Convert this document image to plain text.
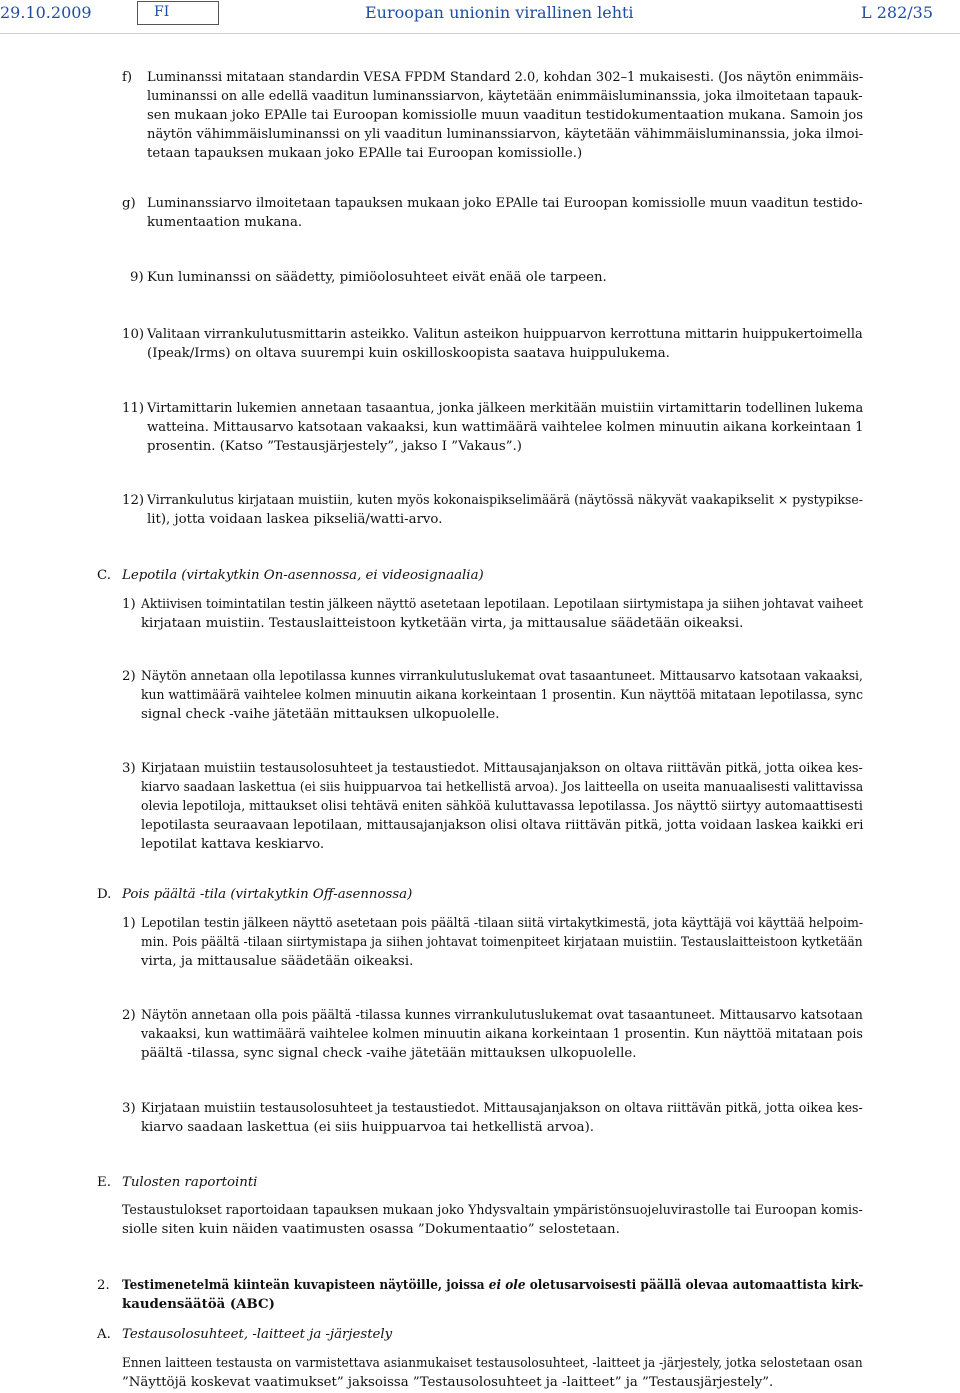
29.10.2009	FI	Euroopan unionin virallinen lehti	L 282/35
f) Luminanssi mitataan standardin VESA FPDM Standard 2.0, kohdan 302–1 mukaisesti. (Jos näytön enimmäis-
luminanssi on alle edellä vaaditun luminanssiarvon, käytetään enimmäisluminanssia, joka ilmoitetaan tapauk-
sen mukaan joko EPAlle tai Euroopan komissiolle muun vaaditun testidokumentaation mukana. Samoin jos
näytön vähimmäisluminanssi on yli vaaditun luminanssiarvon, käytetään vähimmäisluminanssia, joka ilmoi-
tetaan tapauksen mukaan joko EPAlle tai Euroopan komissiolle.)
g) Luminanssiarvo ilmoitetaan tapauksen mukaan joko EPAlle tai Euroopan komissiolle muun vaaditun testido-
kumentaation mukana.
9) Kun luminanssi on säädetty, pimiöolosuhteet eivät enää ole tarpeen.
10) Valitaan virrankulutusmittarin asteikko. Valitun asteikon huippuarvon kerrottuna mittarin huippukertoimella
(Ipeak/Irms) on oltava suurempi kuin oskilloskoopista saatava huippulukema.
11) Virtamittarin lukemien annetaan tasaantua, jonka jälkeen merkitään muistiin virtamittarin todellinen lukema
watteina. Mittausarvo katsotaan vakaaksi, kun wattimäärä vaihtelee kolmen minuutin aikana korkeintaan 1
prosentin. (Katso ”Testausjärjestely”, jakso I ”Vakaus”.)
12) Virrankulutus kirjataan muistiin, kuten myös kokonaispikselimäärä (näytössä näkyvät vaakapikselit × pystypikse-
lit), jotta voidaan laskea pikseliä/watti-arvo.
C. Lepotila (virtakytkin On-asennossa, ei videosignaalia)
1) Aktiivisen toimintatilan testin jälkeen näyttö asetetaan lepotilaan. Lepotilaan siirtymistapa ja siihen johtavat vaiheet
kirjataan muistiin. Testauslaitteistoon kytketään virta, ja mittausalue säädetään oikeaksi.
2) Näytön annetaan olla lepotilassa kunnes virrankulutuslukemat ovat tasaantuneet. Mittausarvo katsotaan vakaaksi,
kun wattimäärä vaihtelee kolmen minuutin aikana korkeintaan 1 prosentin. Kun näyttöä mitataan lepotilassa, sync
signal check -vaihe jätetään mittauksen ulkopuolelle.
3) Kirjataan muistiin testausolosuhteet ja testaustiedot. Mittausajanjakson on oltava riittävän pitkä, jotta oikea kes-
kiarvo saadaan laskettua (ei siis huippuarvoa tai hetkellistä arvoa). Jos laitteella on useita manuaalisesti valittavissa
olevia lepotiloja, mittaukset olisi tehtävä eniten sähköä kuluttavassa lepotilassa. Jos näyttö siirtyy automaattisesti
lepotilasta seuraavaan lepotilaan, mittausajanjakson olisi oltava riittävän pitkä, jotta voidaan laskea kaikki eri
lepotilat kattava keskiarvo.
D. Pois päältä -tila (virtakytkin Off-asennossa)
1) Lepotilan testin jälkeen näyttö asetetaan pois päältä -tilaan siitä virtakytkimestä, jota käyttäjä voi käyttää helpoim-
min. Pois päältä -tilaan siirtymistapa ja siihen johtavat toimenpiteet kirjataan muistiin. Testauslaitteistoon kytketään
virta, ja mittausalue säädetään oikeaksi.
2) Näytön annetaan olla pois päältä -tilassa kunnes virrankulutuslukemat ovat tasaantuneet. Mittausarvo katsotaan
vakaaksi, kun wattimäärä vaihtelee kolmen minuutin aikana korkeintaan 1 prosentin. Kun näyttöä mitataan pois
päältä -tilassa, sync signal check -vaihe jätetään mittauksen ulkopuolelle.
3) Kirjataan muistiin testausolosuhteet ja testaustiedot. Mittausajanjakson on oltava riittävän pitkä, jotta oikea kes-
kiarvo saadaan laskettua (ei siis huippuarvoa tai hetkellistä arvoa).
E. Tulosten raportointi
Testaustulokset raportoidaan tapauksen mukaan joko Yhdysvaltain ympäristönsuojeluvirastolle tai Euroopan komis-
siolle siten kuin näiden vaatimusten osassa ”Dokumentaatio” selostetaan.
2. Testimenetelmä kiinteän kuvapisteen näytöille, joissa ei ole oletusarvoisesti päällä olevaa automaattista kirk-
kaudensäätöä (ABC)
A. Testausolosuhteet, -laitteet ja -järjestely
Ennen laitteen testausta on varmistettava asianmukaiset testausolosuhteet, -laitteet ja -järjestely, jotka selostetaan osan
”Näyttöjä koskevat vaatimukset” jaksoissa ”Testausolosuhteet ja -laitteet” ja ”Testausjärjestely”.
